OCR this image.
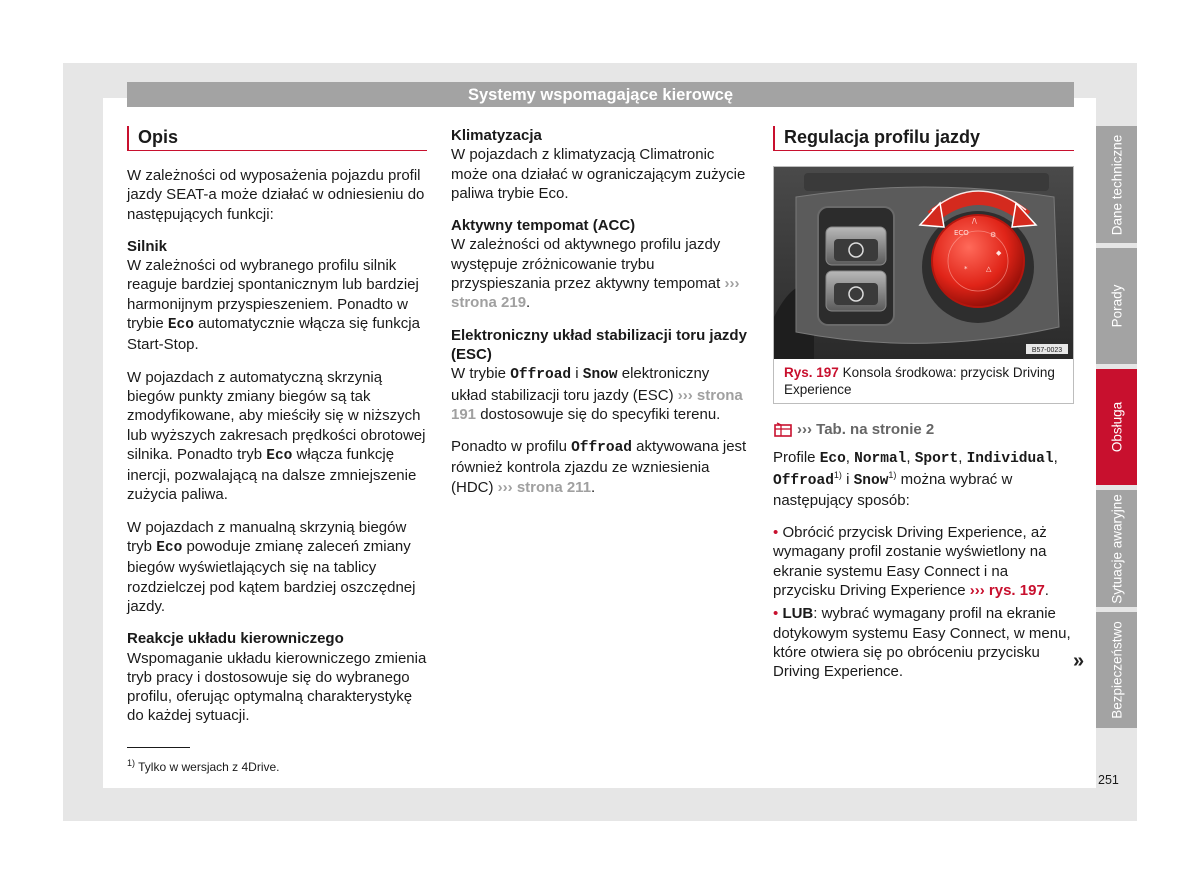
Systemy wspomagające kierowcę
Opis

W zależności od wyposażenia pojazdu profil jazdy SEAT-a może działać w odniesieniu do następujących funkcji:

Silnik

W zależności od wybranego profilu silnik reaguje bardziej spontanicznym lub bardziej harmonijnym przyspieszeniem. Ponadto w trybie Eco automatycznie włącza się funkcja Start-Stop.

W pojazdach z automatyczną skrzynią biegów punkty zmiany biegów są tak zmodyfikowane, aby mieściły się w niższych lub wyższych zakresach prędkości obrotowej silnika. Ponadto tryb Eco włącza funkcję inercji, pozwalającą na dalsze zmniejszenie zużycia paliwa.

W pojazdach z manualną skrzynią biegów tryb Eco powoduje zmianę zaleceń zmiany biegów wyświetlających się na tablicy rozdzielczej pod kątem bardziej oszczędnej jazdy.

Reakcje układu kierowniczego

Wspomaganie układu kierowniczego zmienia tryb pracy i dostosowuje się do wybranego profilu, oferując optymalną charakterystykę do każdej sytuacji.

Klimatyzacja

W pojazdach z klimatyzacją Climatronic może ona działać w ograniczającym zużycie paliwa trybie Eco.

Aktywny tempomat (ACC)

W zależności od aktywnego profilu jazdy występuje zróżnicowanie trybu przyspieszania przez aktywny tempomat ››› strona 219.

Elektroniczny układ stabilizacji toru jazdy (ESC)

W trybie Offroad i Snow elektroniczny układ stabilizacji toru jazdy (ESC) ››› strona 191 dostosowuje się do specyfiki terenu.

Ponadto w profilu Offroad aktywowana jest również kontrola zjazdu ze wzniesienia (HDC) ››› strona 211.

Regulacja profilu jazdy
/\
ECO	⚙
◆
△
*
B57-0023
Rys. 197 Konsola środkowa: przycisk Driving Experience
››› Tab. na stronie 2

Profile Eco, Normal, Sport, Individual, Offroad$^{1)}$ i Snow$^{1)}$ można wybrać w następujący sposób:

• Obrócić przycisk Driving Experience, aż wymagany profil zostanie wyświetlony na ekranie systemu Easy Connect i na przycisku Driving Experience ››› rys. 197.

• LUB: wybrać wymagany profil na ekranie dotykowym systemu Easy Connect, w menu, które otwiera się po obróceniu przycisku Driving Experience.	»
$^{1)}$ Tylko w wersjach z 4Drive.
251
Dane techniczne
Porady
Obsługa
Sytuacje awaryjne
Bezpieczeństwo
